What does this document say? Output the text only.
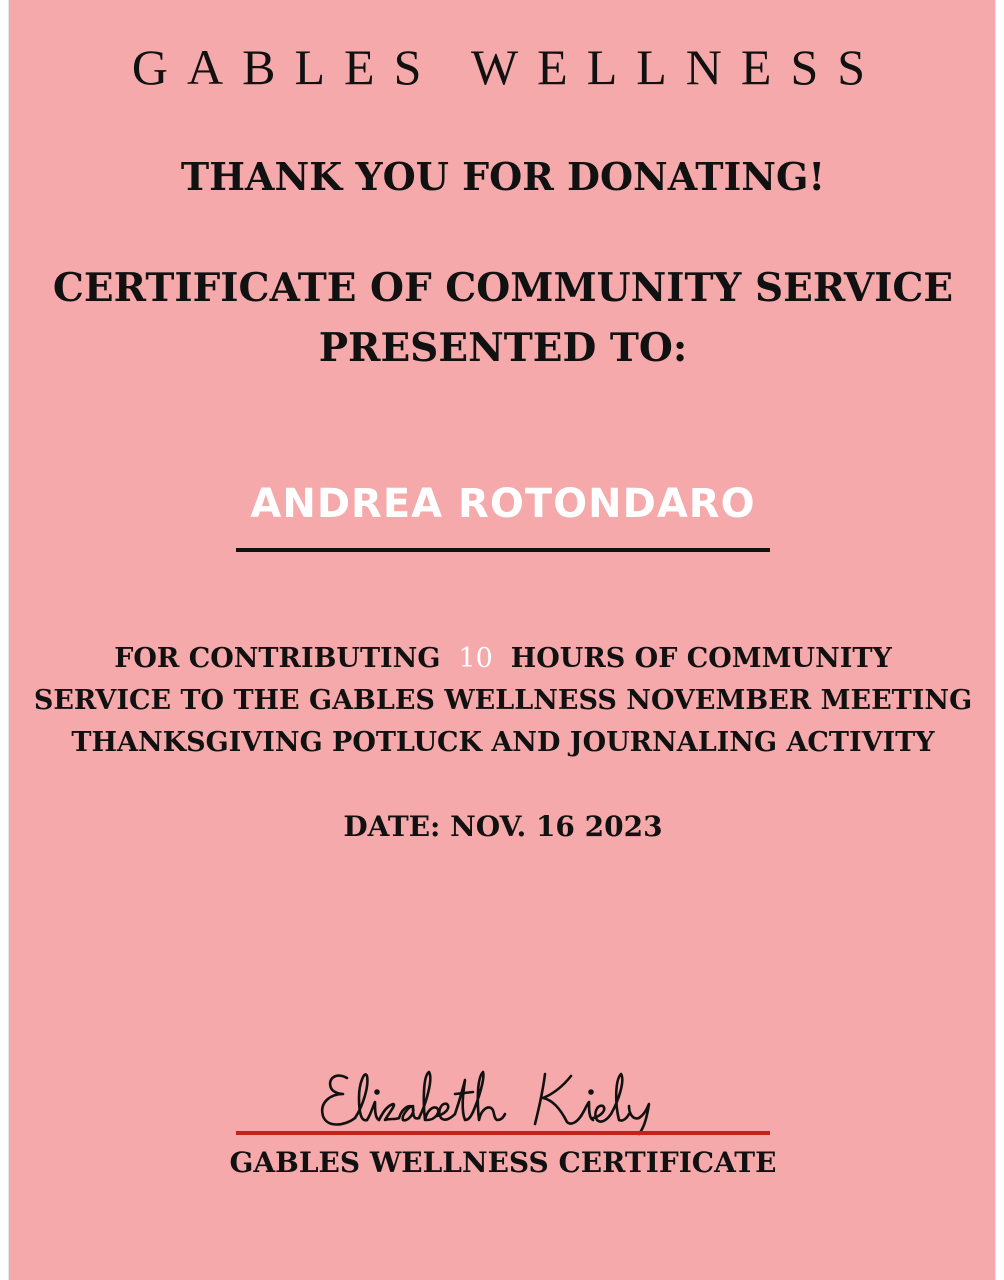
GABLES WELLNESS
THANK YOU FOR DONATING!
CERTIFICATE OF COMMUNITY SERVICE
PRESENTED TO:
ANDREA ROTONDARO
FOR CONTRIBUTING 10 HOURS OF COMMUNITY
SERVICE TO THE GABLES WELLNESS NOVEMBER MEETING
THANKSGIVING POTLUCK AND JOURNALING ACTIVITY
DATE: NOV. 16 2023
GABLES WELLNESS CERTIFICATE
